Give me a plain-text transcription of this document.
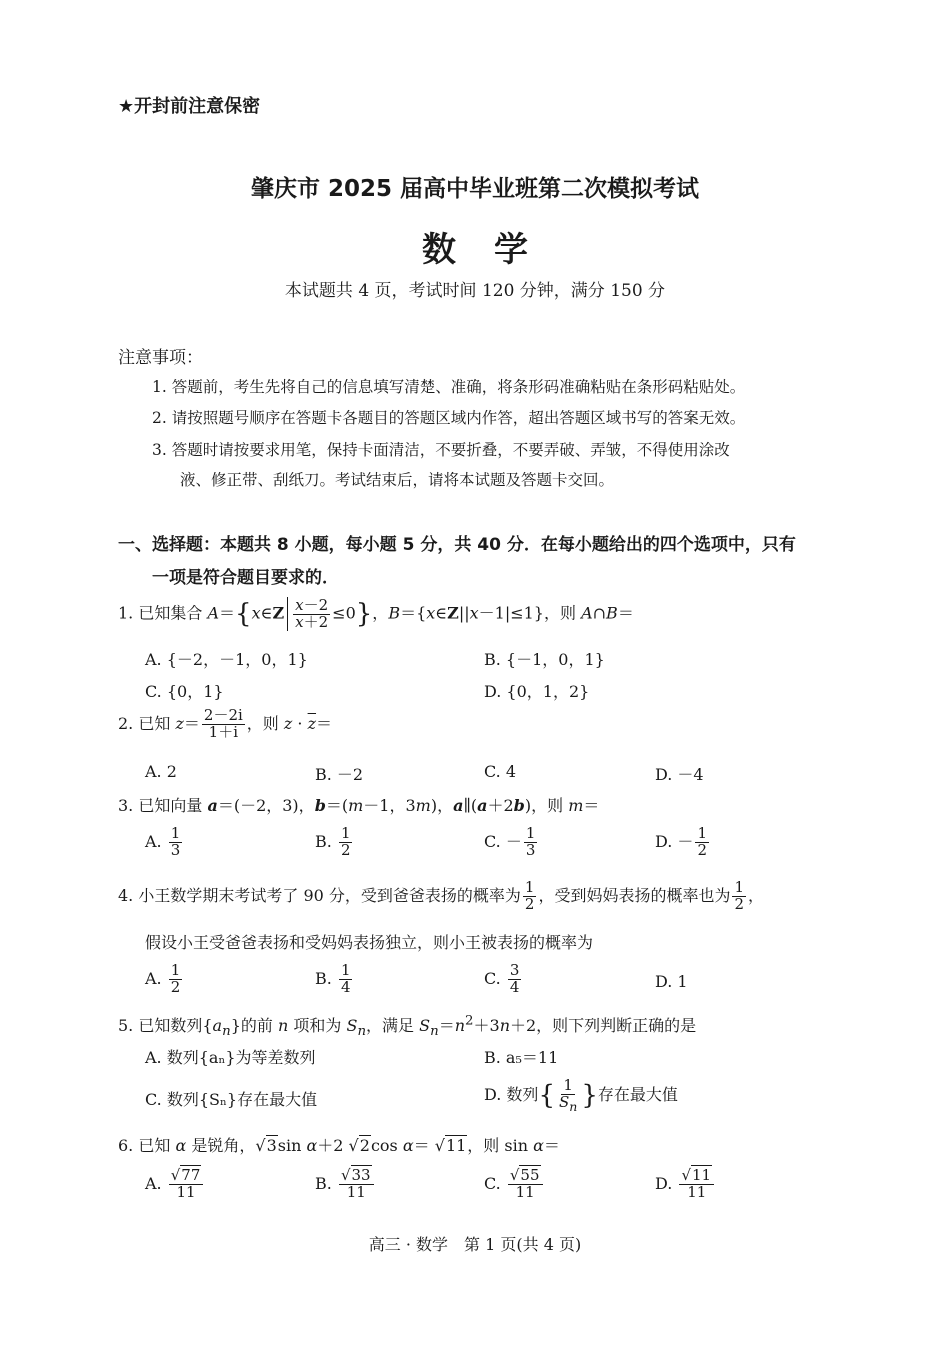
★开封前注意保密
肇庆市 2025 届高中毕业班第二次模拟考试
数学
本试题共 4 页，考试时间 120 分钟，满分 150 分
注意事项：
1. 答题前，考生先将自己的信息填写清楚、准确，将条形码准确粘贴在条形码粘贴处。
2. 请按照题号顺序在答题卡各题目的答题区域内作答，超出答题区域书写的答案无效。
3. 答题时请按要求用笔，保持卡面清洁，不要折叠，不要弄破、弄皱，不得使用涂改
液、修正带、刮纸刀。考试结束后，请将本试题及答题卡交回。
一、选择题：本题共 8 小题，每小题 5 分，共 40 分．在每小题给出的四个选项中，只有
一项是符合题目要求的．
1. 已知集合 A＝{x∈Z $\frac{x-2}{x+2} \le 0$}，B＝{x∈Z||x－1|≤1}，则 A∩B＝
A. {－2，－1，0，1}	B. {－1，0，1}
C. {0，1}	D. {0，1，2}
2. 已知 $z= \frac{2-2i}{1+i}$ ，则 $z \cdot \overline{z}=$
A. 2	B. －2	C. 4	D. －4
3. 已知向量 a＝(－2，3)，b＝(m－1，3m)，a∥(a＋2b)，则 m＝
A. $\frac{1}{3}$	B. $\frac{1}{2}$	C. － $\frac{1}{3}$	D. － $\frac{1}{2}$
4. 小王数学期末考试考了 90 分，受到爸爸表扬的概率为 $\frac{1}{2}$ ，受到妈妈表扬的概率也为 $\frac{1}{2}$ ，
假设小王受爸爸表扬和受妈妈表扬独立，则小王被表扬的概率为
A. $\frac{1}{2}$	B. $\frac{1}{4}$	C. $\frac{3}{4}$	D. 1
5. 已知数列$\{a_n\}$的前 n 项和为 $S_n$，满足 $S_n=n^2+3n+2$，则下列判断正确的是
A. 数列{aₙ}为等差数列	B. a₅＝11
C. 数列{Sₙ}存在最大值	D. 数列{ $\frac{1}{S_n}$ }存在最大值
6. 已知 α 是锐角，√3sin α＋2 √2cos α＝ √11，则 sin α＝
A. $\frac{√77}{11}$	B. $\frac{√33}{11}$	C. $\frac{√55}{11}$	D. $\frac{√11}{11}$
高三 · 数学　第 1 页(共 4 页)
